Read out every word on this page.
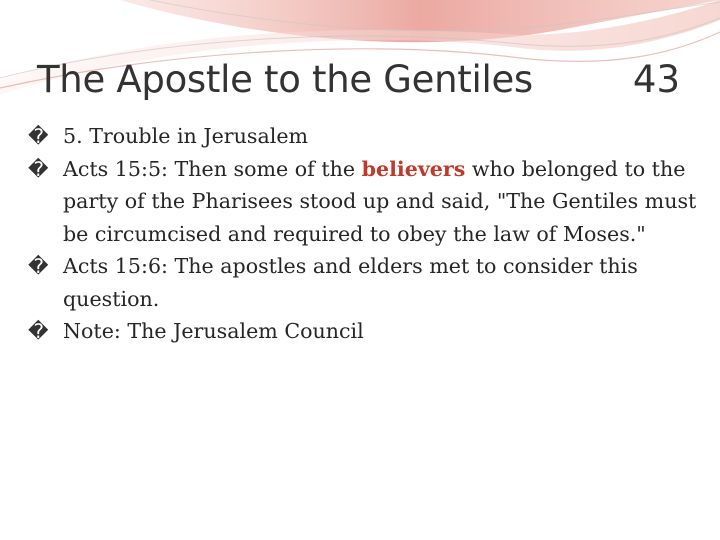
The Apostle to the Gentiles	43
� 5. Trouble in Jerusalem
� Acts 15:5: Then some of the believers who belonged to the party of the Pharisees stood up and said, "The Gentiles must be circumcised and required to obey the law of Moses."
� Acts 15:6: The apostles and elders met to consider this question.
� Note: The Jerusalem Council
